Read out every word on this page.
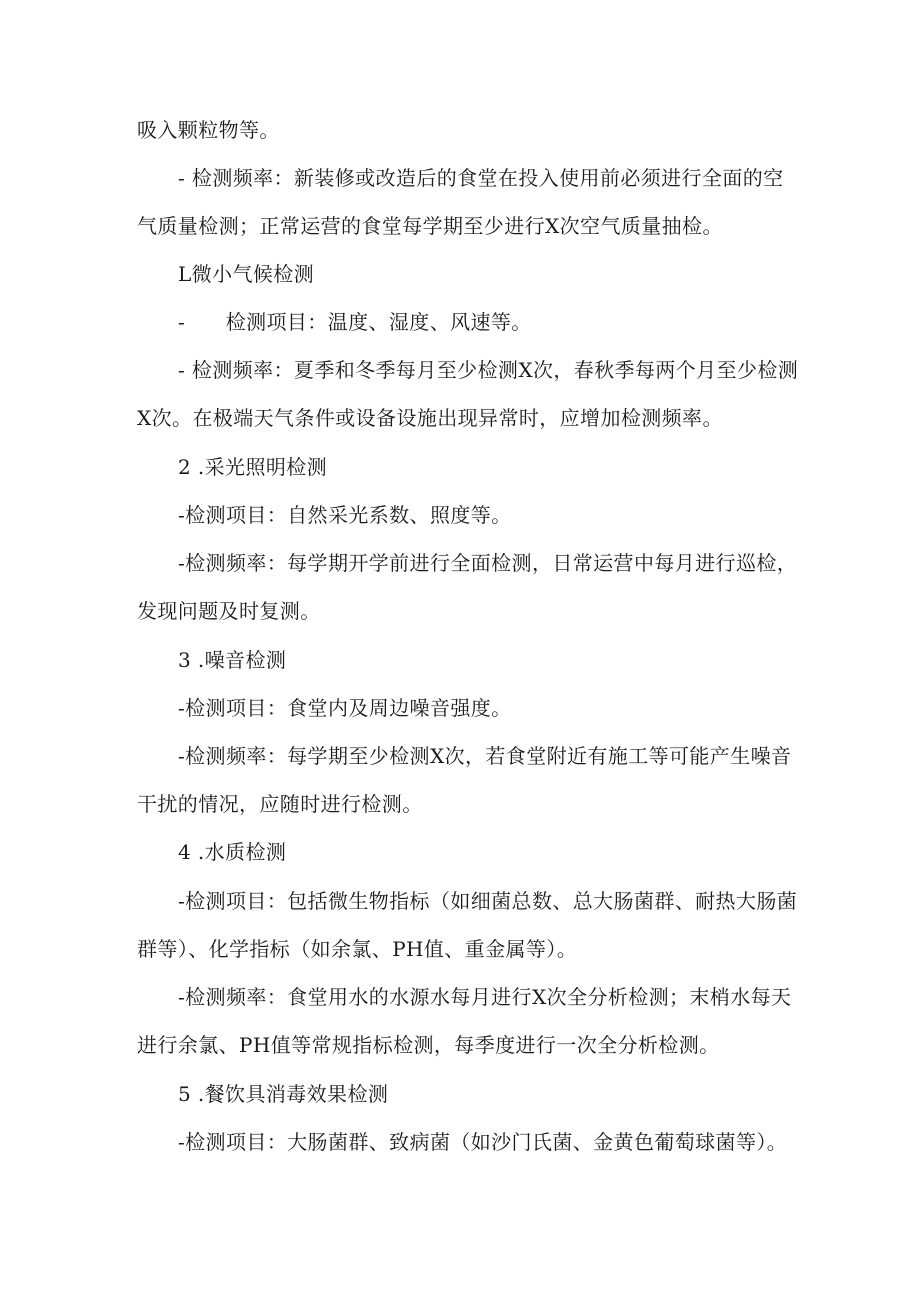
吸入颗粒物等。
- 检测频率：新装修或改造后的食堂在投入使用前必须进行全面的空
气质量检测；正常运营的食堂每学期至少进行X次空气质量抽检。
L微小气候检测
-      检测项目：温度、湿度、风速等。
- 检测频率：夏季和冬季每月至少检测X次，春秋季每两个月至少检测
X次。在极端天气条件或设备设施出现异常时，应增加检测频率。
2 .采光照明检测
-检测项目：自然采光系数、照度等。
-检测频率：每学期开学前进行全面检测，日常运营中每月进行巡检，
发现问题及时复测。
3 .噪音检测
-检测项目：食堂内及周边噪音强度。
-检测频率：每学期至少检测X次，若食堂附近有施工等可能产生噪音
干扰的情况，应随时进行检测。
4 .水质检测
-检测项目：包括微生物指标（如细菌总数、总大肠菌群、耐热大肠菌
群等）、化学指标（如余氯、PH值、重金属等）。
-检测频率：食堂用水的水源水每月进行X次全分析检测；末梢水每天
进行余氯、PH值等常规指标检测，每季度进行一次全分析检测。
5 .餐饮具消毒效果检测
-检测项目：大肠菌群、致病菌（如沙门氏菌、金黄色葡萄球菌等）。
